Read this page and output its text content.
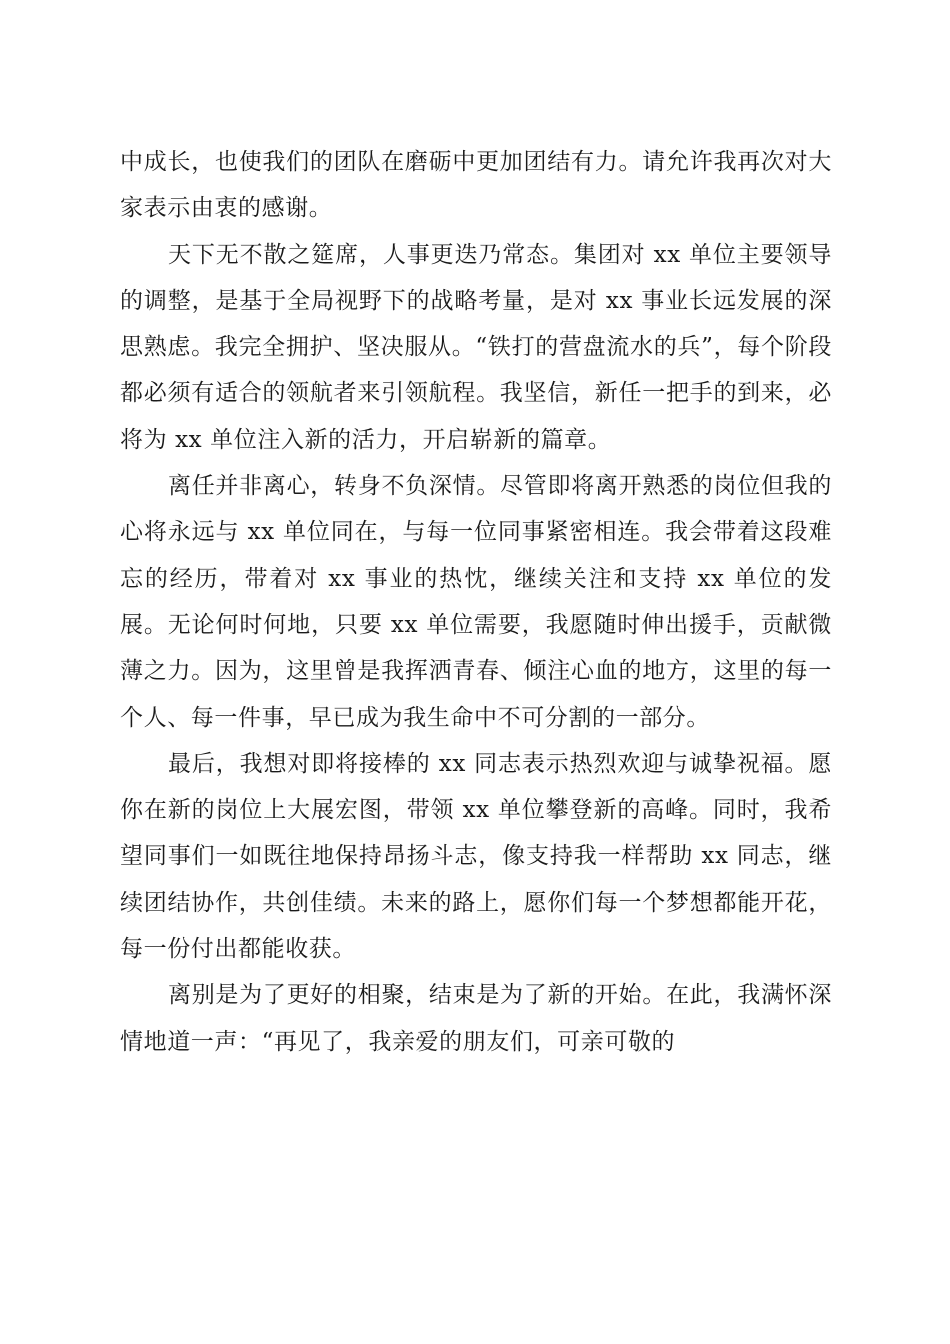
中成长，也使我们的团队在磨砺中更加团结有力。请允许我再次对大家表示由衷的感谢。

天下无不散之筵席，人事更迭乃常态。集团对 xx 单位主要领导的调整，是基于全局视野下的战略考量，是对 xx 事业长远发展的深思熟虑。我完全拥护、坚决服从。“铁打的营盘流水的兵”，每个阶段都必须有适合的领航者来引领航程。我坚信，新任一把手的到来，必将为 xx 单位注入新的活力，开启崭新的篇章。

离任并非离心，转身不负深情。尽管即将离开熟悉的岗位但我的心将永远与 xx 单位同在，与每一位同事紧密相连。我会带着这段难忘的经历，带着对 xx 事业的热忱，继续关注和支持 xx 单位的发展。无论何时何地，只要 xx 单位需要，我愿随时伸出援手，贡献微薄之力。因为，这里曾是我挥洒青春、倾注心血的地方，这里的每一个人、每一件事，早已成为我生命中不可分割的一部分。

最后，我想对即将接棒的 xx 同志表示热烈欢迎与诚挚祝福。愿你在新的岗位上大展宏图，带领 xx 单位攀登新的高峰。同时，我希望同事们一如既往地保持昂扬斗志，像支持我一样帮助 xx 同志，继续团结协作，共创佳绩。未来的路上，愿你们每一个梦想都能开花，每一份付出都能收获。

离别是为了更好的相聚，结束是为了新的开始。在此，我满怀深情地道一声：“再见了，我亲爱的朋友们，可亲可敬的
